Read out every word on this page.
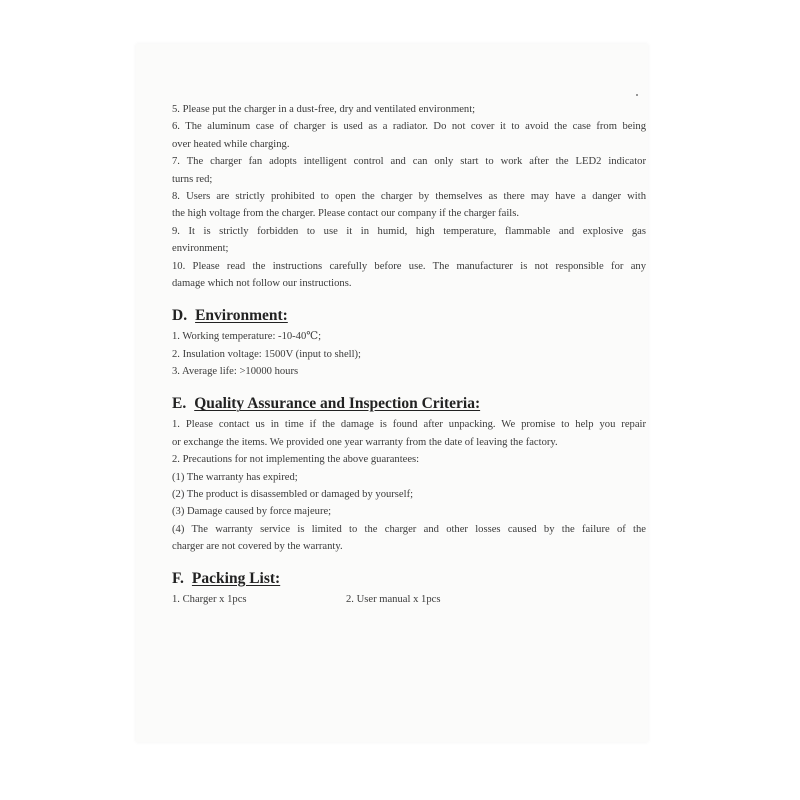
5. Please put the charger in a dust-free, dry and ventilated environment;
6. The aluminum case of charger is used as a radiator. Do not cover it to avoid the case from being
over heated while charging.
7. The charger fan adopts intelligent control and can only start to work after the LED2 indicator
turns red;
8. Users are strictly prohibited to open the charger by themselves as there may have a danger with
the high voltage from the charger. Please contact our company if the charger fails.
9. It is strictly forbidden to use it in humid, high temperature, flammable and explosive gas
environment;
10. Please read the instructions carefully before use. The manufacturer is not responsible for any
damage which not follow our instructions.
D. Environment:
1. Working temperature: -10-40℃;
2. Insulation voltage: 1500V (input to shell);
3. Average life: >10000 hours
E. Quality Assurance and Inspection Criteria:
1. Please contact us in time if the damage is found after unpacking. We promise to help you repair
or exchange the items. We provided one year warranty from the date of leaving the factory.
2. Precautions for not implementing the above guarantees:
(1) The warranty has expired;
(2) The product is disassembled or damaged by yourself;
(3) Damage caused by force majeure;
(4) The warranty service is limited to the charger and other losses caused by the failure of the
charger are not covered by the warranty.
F. Packing List:
1. Charger x 1pcs	2. User manual x 1pcs
